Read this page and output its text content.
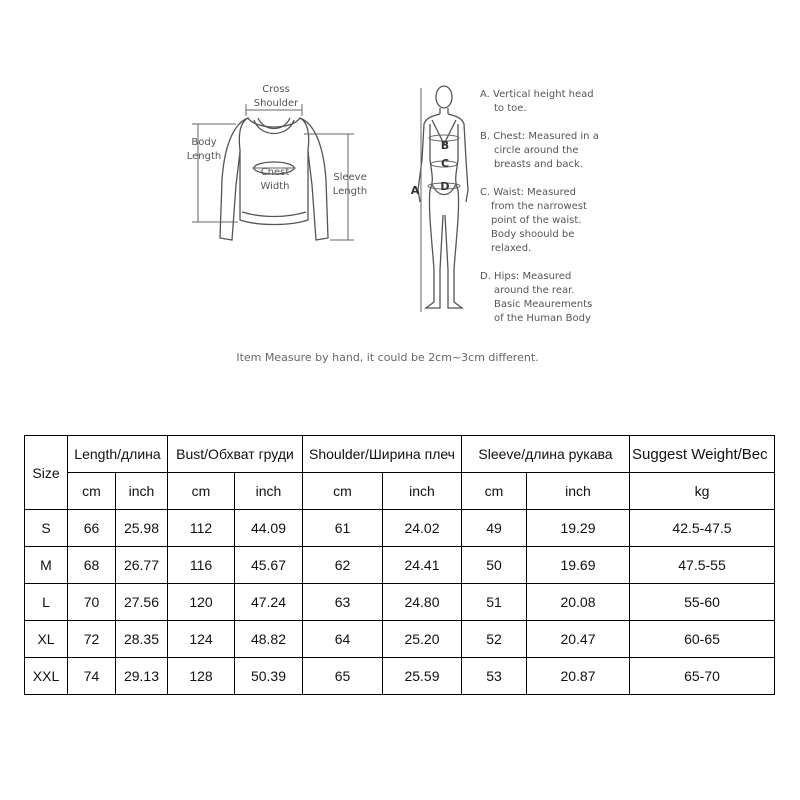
Cross
Shoulder
Body
Length
Chest
Width
Sleeve
Length	A
B
C
D
A. Vertical height head
to toe.
B. Chest: Measured in a
circle around the
breasts and back.
C. Waist: Measured
from the narrowest
point of the waist.
Body shoould be
relaxed.
D. Hips: Measured
around the rear.
Basic Meaurements
of the Human Body
Item Measure by hand, it could be 2cm~3cm different.
Size	Length/длина		Bust/Обхват груди		Shoulder/Ширина плеч		Sleeve/длина рукава		Suggest Weight/Вес
	cm	inch	cm	inch	cm	inch	cm	inch	kg
S	66	25.98	112	44.09	61	24.02	49	19.29	42.5-47.5
M	68	26.77	116	45.67	62	24.41	50	19.69	47.5-55
L	70	27.56	120	47.24	63	24.80	51	20.08	55-60
XL	72	28.35	124	48.82	64	25.20	52	20.47	60-65
XXL	74	29.13	128	50.39	65	25.59	53	20.87	65-70
